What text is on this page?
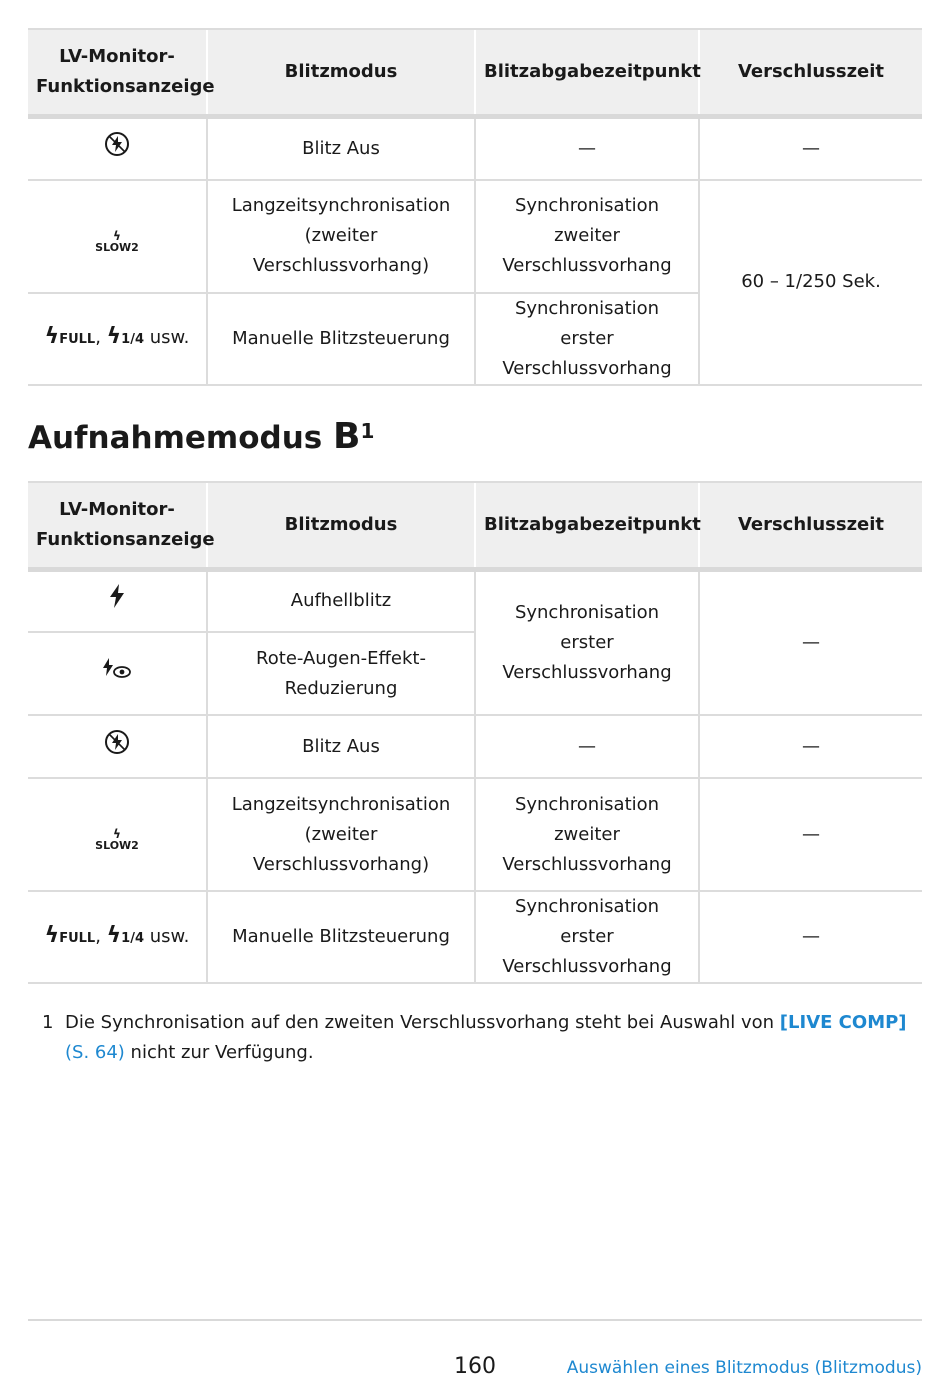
LV-Monitor-
Funktionsanzeige	Blitzmodus	Blitzabgabezeitpunkt	Verschlusszeit

	Blitz Aus	—	—

ϟ
SLOW2	Langzeitsynchronisation (zweiter Verschlussvorhang)	Synchronisation zweiter Verschlussvorhang	60 – 1/250 Sek.
ϟFULL, ϟ1/4 usw.	Manuelle Blitzsteuerung	Synchronisation erster Verschlussvorhang	
Aufnahmemodus $B^1$
LV-Monitor-
Funktionsanzeige	Blitzmodus	Blitzabgabezeitpunkt	Verschlusszeit

	Aufhellblitz	Synchronisation erster Verschlussvorhang	—

	Rote-Augen-Effekt-Reduzierung		

	Blitz Aus	—	—

ϟ
SLOW2	Langzeitsynchronisation (zweiter Verschlussvorhang)	Synchronisation zweiter Verschlussvorhang	—
ϟFULL, ϟ1/4 usw.	Manuelle Blitzsteuerung	Synchronisation erster Verschlussvorhang	—
1 Die Synchronisation auf den zweiten Verschlussvorhang steht bei Auswahl von [LIVE COMP]
(S. 64) nicht zur Verfügung.
160	Auswählen eines Blitzmodus (Blitzmodus)
